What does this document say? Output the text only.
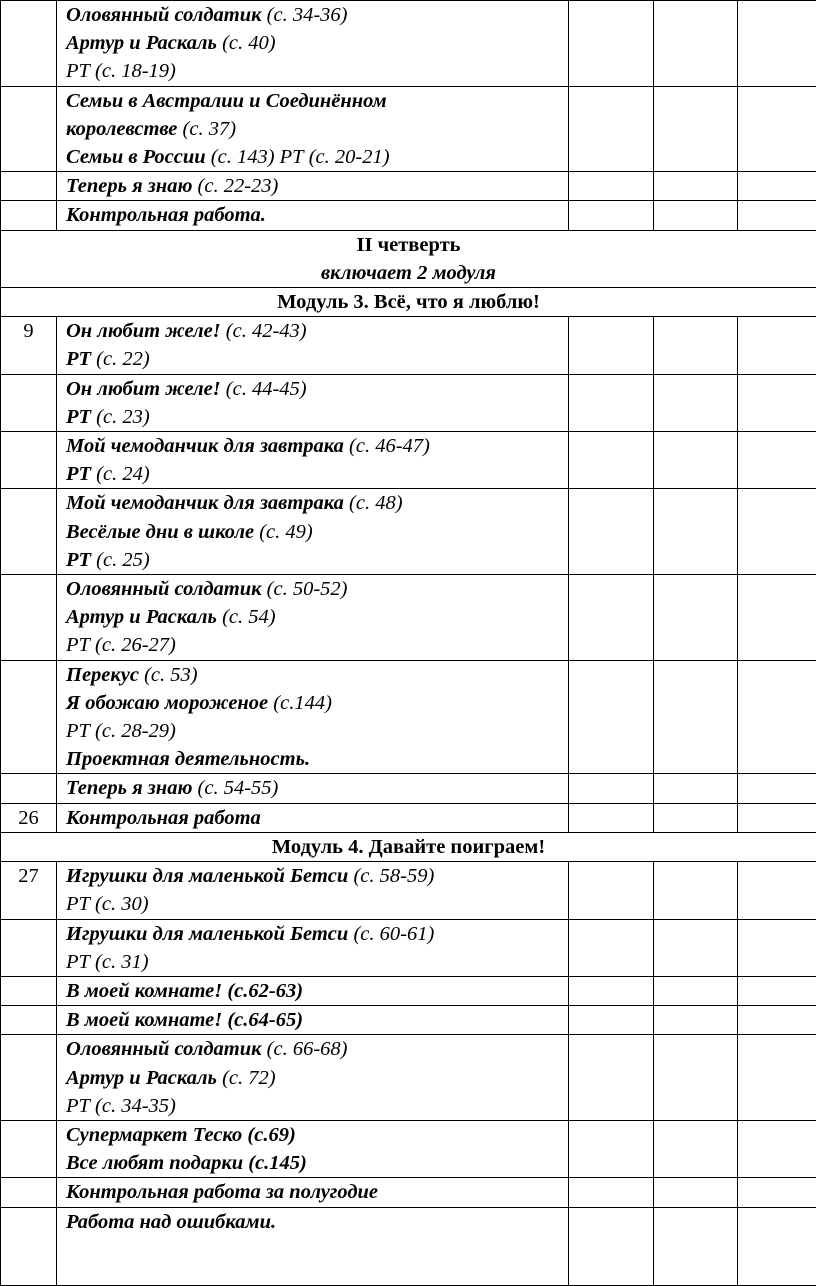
	Оловянный солдатик (с. 34-36)
Артур и Раскаль (с. 40)
РТ (с. 18-19)			

	Семьи в Австралии и Соединённом
королевстве (с. 37)
Семьи в России (с. 143) РТ (с. 20-21)			

	Теперь я знаю (с. 22-23)			

	Контрольная работа.			

II четверть
включает 2 модуля				

Модуль 3. Всё, что я люблю!				
9	Он любит желе! (с. 42-43)
РТ (с. 22)			

	Он любит желе! (с. 44-45)
РТ (с. 23)			

	Мой чемоданчик для завтрака (с. 46-47)
РТ (с. 24)			

	Мой чемоданчик для завтрака (с. 48)
Весёлые дни в школе (с. 49)
РТ (с. 25)			

	Оловянный солдатик (с. 50-52)
Артур и Раскаль (с. 54)
РТ (с. 26-27)			

	Перекус (с. 53)
Я обожаю мороженое (с.144)
РТ (с. 28-29)
Проектная деятельность.			

	Теперь я знаю (с. 54-55)			

26	Контрольная работа			

Модуль 4. Давайте поиграем!				
27	Игрушки для маленькой Бетси (с. 58-59)
РТ (с. 30)			

	Игрушки для маленькой Бетси (с. 60-61)
РТ (с. 31)			

	В моей комнате! (с.62-63)			

	В моей комнате! (с.64-65)			

	Оловянный солдатик (с. 66-68)
Артур и Раскаль (с. 72)
РТ (с. 34-35)			

	Супермаркет Теско (с.69)
Все любят подарки (с.145)			

	Контрольная работа за полугодие			

	Работа над ошибками.			
